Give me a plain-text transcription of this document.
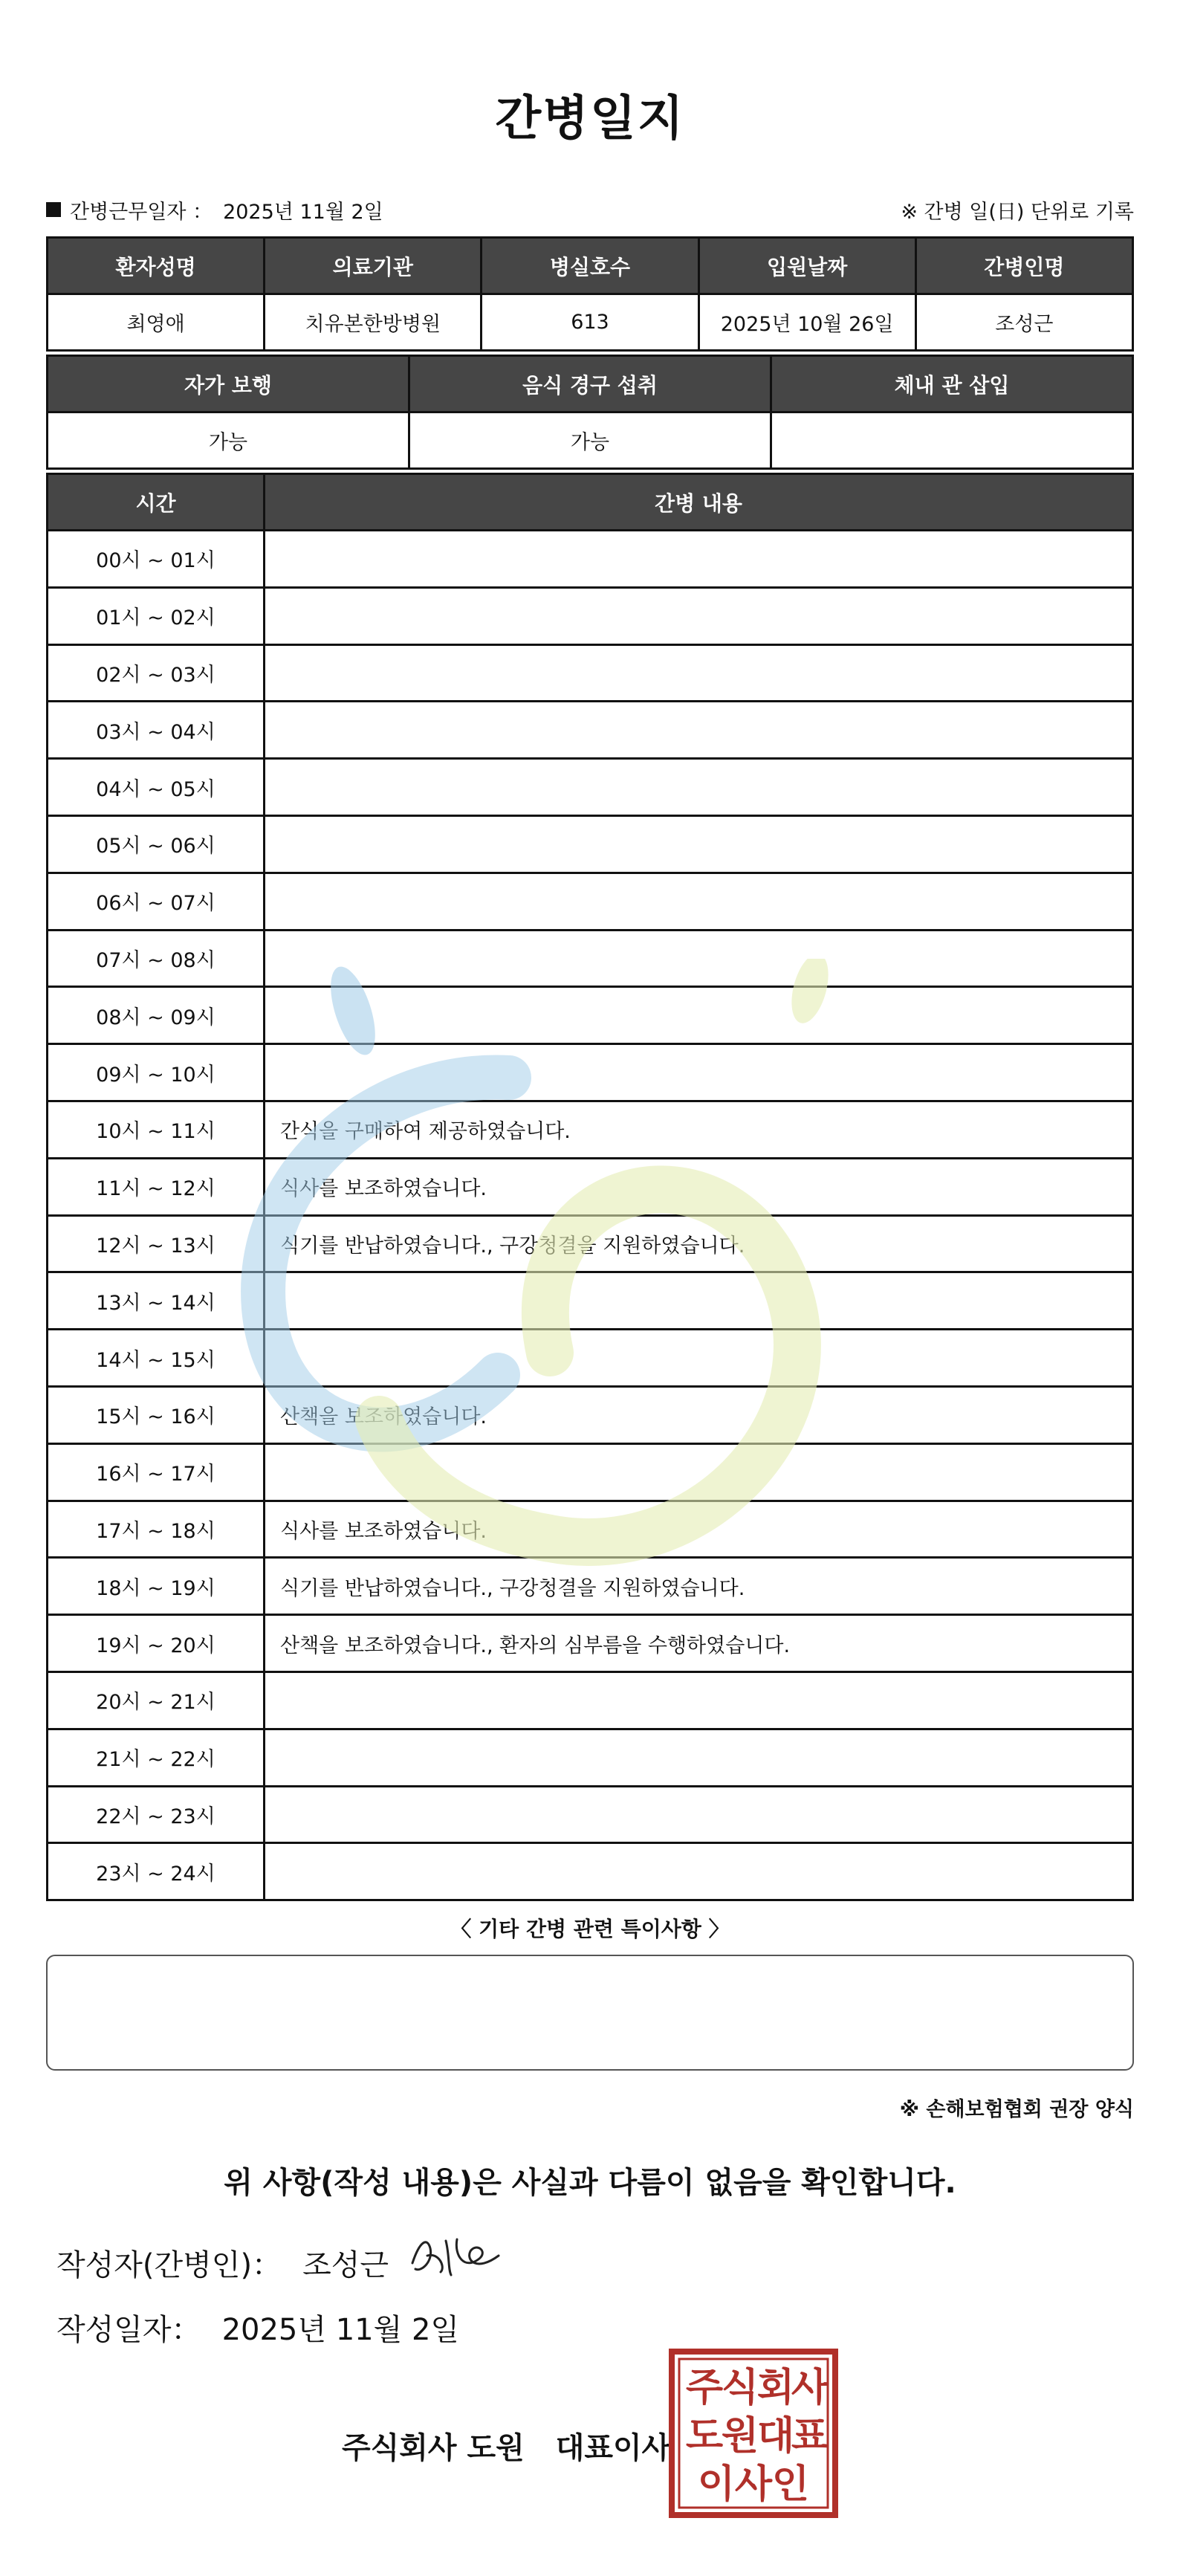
간병일지
간병근무일자 ： 2025년 11월 2일	※ 간병 일(日) 단위로 기록
환자성명	의료기관	병실호수	입원날짜	간병인명
최영애	치유본한방병원	613	2025년 10월 26일	조성근
자가 보행	음식 경구 섭취	체내 관 삽입
가능	가능	
시간	간병 내용
00시 ~ 01시	
01시 ~ 02시	
02시 ~ 03시	
03시 ~ 04시	
04시 ~ 05시	
05시 ~ 06시	
06시 ~ 07시	
07시 ~ 08시	
08시 ~ 09시	
09시 ~ 10시	
10시 ~ 11시	간식을 구매하여 제공하였습니다.
11시 ~ 12시	식사를 보조하였습니다.
12시 ~ 13시	식기를 반납하였습니다., 구강청결을 지원하였습니다.
13시 ~ 14시	
14시 ~ 15시	
15시 ~ 16시	산책을 보조하였습니다.
16시 ~ 17시	
17시 ~ 18시	식사를 보조하였습니다.
18시 ~ 19시	식기를 반납하였습니다., 구강청결을 지원하였습니다.
19시 ~ 20시	산책을 보조하였습니다., 환자의 심부름을 수행하였습니다.
20시 ~ 21시	
21시 ~ 22시	
22시 ~ 23시	
23시 ~ 24시	
〈 기타 간병 관련 특이사항 〉
※ 손해보험협회 권장 양식
위 사항(작성 내용)은 사실과 다름이 없음을 확인합니다.
작성자(간병인)： 조성근
작성일자： 2025년 11월 2일
주식회사 도원 대표이사
주
식
회
사
도
원
대
표
이 사 인
